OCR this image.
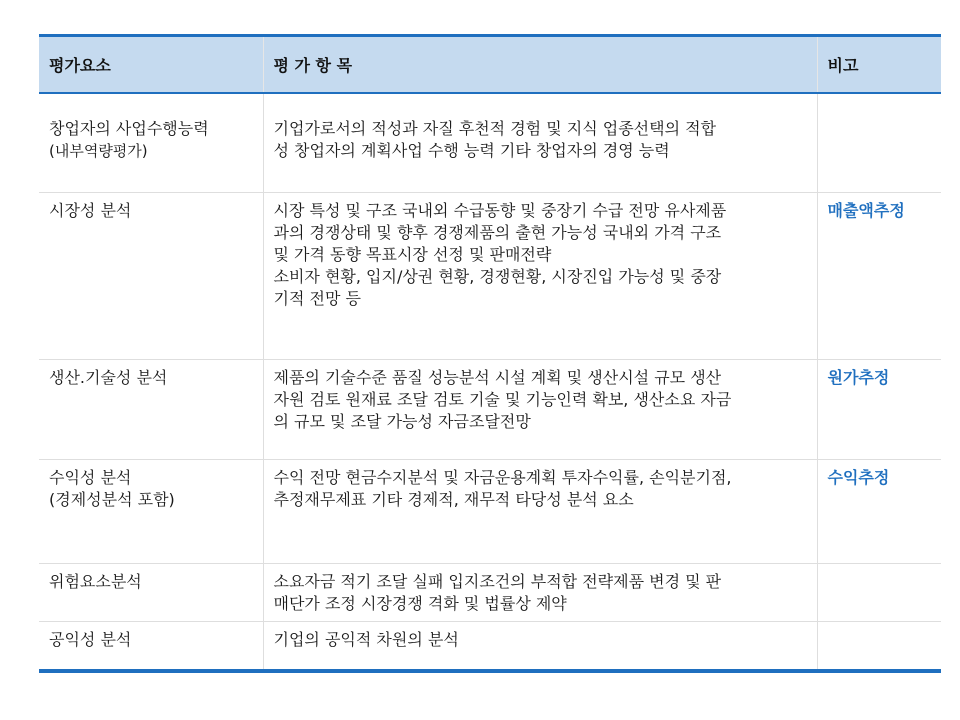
평가요소	평 가 항 목	비고

창업자의 사업수행능력
(내부역량평가)	기업가로서의 적성과 자질 후천적 경험 및 지식 업종선택의 적합
성 창업자의 계획사업 수행 능력 기타 창업자의 경영 능력	

시장성 분석	시장 특성 및 구조 국내외 수급동향 및 중장기 수급 전망 유사제품
과의 경쟁상태 및 향후 경쟁제품의 출현 가능성 국내외 가격 구조
및 가격 동향 목표시장 선정 및 판매전략
소비자 현황, 입지/상권 현황, 경쟁현황, 시장진입 가능성 및 중장
기적 전망 등	매출액추정

생산.기술성 분석	제품의 기술수준 품질 성능분석 시설 계획 및 생산시설 규모 생산
자원 검토 원재료 조달 검토 기술 및 기능인력 확보, 생산소요 자금
의 규모 및 조달 가능성 자금조달전망	원가추정

수익성 분석
(경제성분석 포함)	수익 전망 현금수지분석 및 자금운용계획 투자수익률, 손익분기점,
추정재무제표 기타 경제적, 재무적 타당성 분석 요소	수익추정

위험요소분석	소요자금 적기 조달 실패 입지조건의 부적합 전략제품 변경 및 판
매단가 조정 시장경쟁 격화 및 법률상 제약	

공익성 분석	기업의 공익적 차원의 분석	
